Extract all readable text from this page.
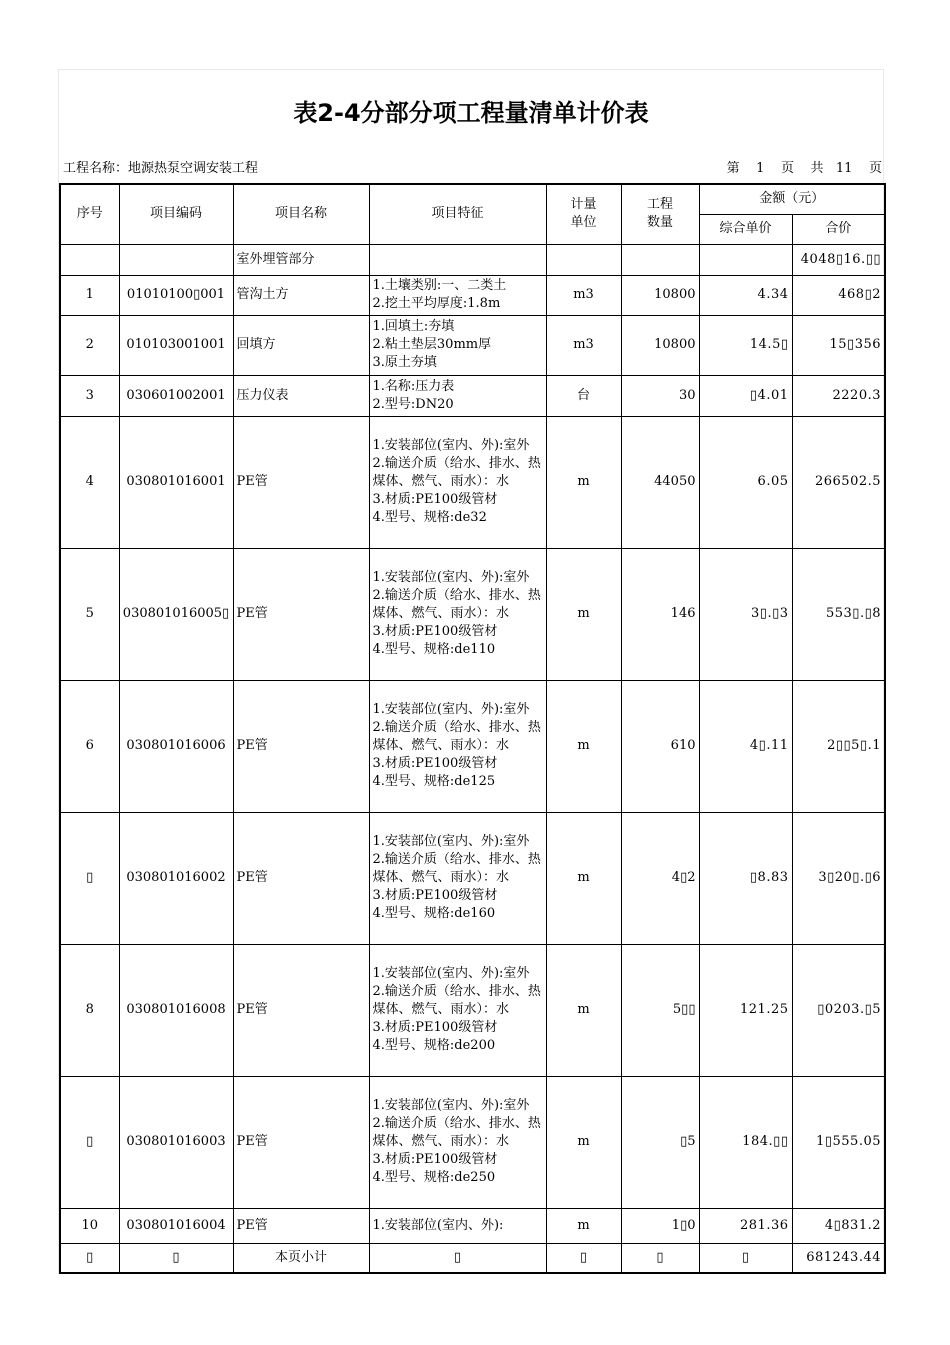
表2-4分部分项工程量清单计价表
工程名称：地源热泵空调安装工程	第 1 页 共 11 页
序号	项目编码	项目名称	项目特征	计量单位	工程数量	金额（元）	
						综合单价	合价
		室外埋管部分					4048▯16.▯▯
1	01010100▯001	管沟土方	1.土壤类别:一、二类土
2.挖土平均厚度:1.8m	m3	10800	4.34	468▯2
2	010103001001	回填方	1.回填土:夯填
2.粘土垫层30mm厚
3.原土夯填	m3	10800	14.5▯	15▯356
3	030601002001	压力仪表	1.名称:压力表
2.型号:DN20	台	30	▯4.01	2220.3
4	030801016001	PE管	1.安装部位(室内、外):室外
2.输送介质（给水、排水、热煤体、燃气、雨水）：水
3.材质:PE100级管材
4.型号、规格:de32	m	44050	6.05	266502.5
5	030801016005▯	PE管	1.安装部位(室内、外):室外
2.输送介质（给水、排水、热煤体、燃气、雨水）：水
3.材质:PE100级管材
4.型号、规格:de110	m	146	3▯.▯3	553▯.▯8
6	030801016006	PE管	1.安装部位(室内、外):室外
2.输送介质（给水、排水、热煤体、燃气、雨水）：水
3.材质:PE100级管材
4.型号、规格:de125	m	610	4▯.11	2▯▯5▯.1
▯	030801016002	PE管	1.安装部位(室内、外):室外
2.输送介质（给水、排水、热煤体、燃气、雨水）：水
3.材质:PE100级管材
4.型号、规格:de160	m	4▯2	▯8.83	3▯20▯.▯6
8	030801016008	PE管	1.安装部位(室内、外):室外
2.输送介质（给水、排水、热煤体、燃气、雨水）：水
3.材质:PE100级管材
4.型号、规格:de200	m	5▯▯	121.25	▯0203.▯5
▯	030801016003	PE管	1.安装部位(室内、外):室外
2.输送介质（给水、排水、热煤体、燃气、雨水）：水
3.材质:PE100级管材
4.型号、规格:de250	m	▯5	184.▯▯	1▯555.05
10	030801016004	PE管	1.安装部位(室内、外):	m	1▯0	281.36	4▯831.2
▯	▯	本页小计	▯	▯	▯	▯	681243.44
